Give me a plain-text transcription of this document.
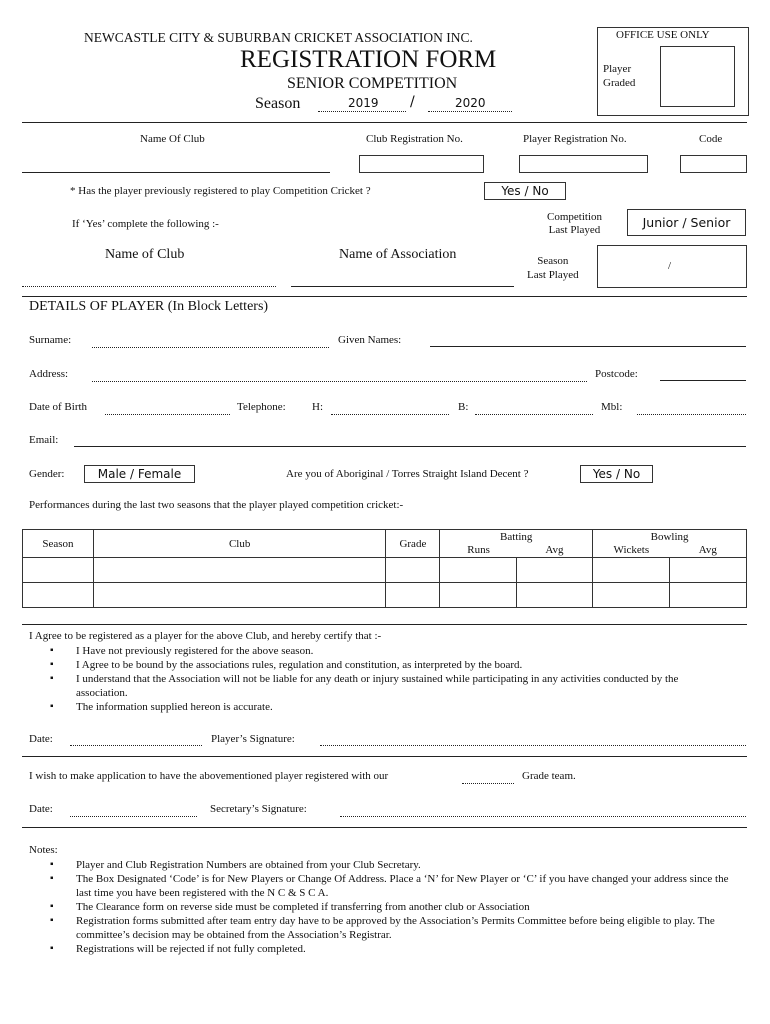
NEWCASTLE CITY & SUBURBAN CRICKET ASSOCIATION INC.
REGISTRATION FORM
SENIOR COMPETITION
Season	2019 /	2020
OFFICE USE ONLY
Player
Graded
Name Of Club	Club Registration No.	Player Registration No.	Code
* Has the player previously registered to play Competition Cricket ?	Yes / No
If ‘Yes’ complete the following :-
Competition
Last Played	Junior / Senior
Name of Club	Name of Association	Season
Last Played
/
DETAILS OF PLAYER (In Block Letters)
Surname:	Given Names:
Address:	Postcode:
Date of Birth	Telephone: H:	B:	Mbl:
Email:
Gender:	Male / Female	Are you of Aboriginal / Torres Straight Island Decent ?	Yes / No
Performances during the last two seasons that the player played competition cricket:-
Season	Club	Grade	Batting		Bowling	
			Runs	Avg	Wickets	Avg

I Agree to be registered as a player for the above Club, and hereby certify that :-
▪ I Have not previously registered for the above season.
▪ I Agree to be bound by the associations rules, regulation and constitution, as interpreted by the board.
▪ I understand that the Association will not be liable for any death or injury sustained while participating in any activities conducted by the association.
▪ The information supplied hereon is accurate.
Date:	Player’s Signature:
I wish to make application to have the abovementioned player registered with our	Grade team.
Date:	Secretary’s Signature:
Notes:
▪ Player and Club Registration Numbers are obtained from your Club Secretary.
▪ The Box Designated ‘Code’ is for New Players or Change Of Address. Place a ‘N’ for New Player or ‘C’ if you have changed your address since the last time you have been registered with the N C & S C A.
▪ The Clearance form on reverse side must be completed if transferring from another club or Association
▪ Registration forms submitted after team entry day have to be approved by the Association’s Permits Committee before being eligible to play. The committee’s decision may be obtained from the Association’s Registrar.
▪ Registrations will be rejected if not fully completed.
